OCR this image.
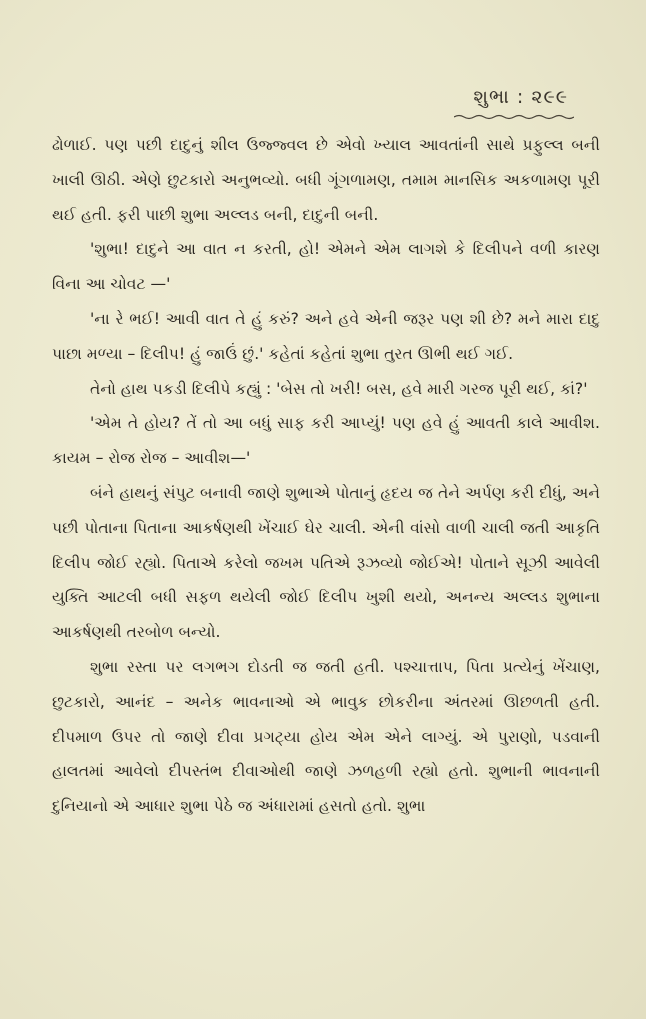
શુભા : ૨૯૯

ઢોળાઈ. પણ પછી દાદુનું શીલ ઉજ્જ્વલ છે એવો ખ્યાલ આવતાંની સાથે પ્રફુલ્લ બની ખાલી ઊઠી. એણે છુટકારો અનુભવ્યો. બધી ગૂંગળામણ, તમામ માનસિક અકળામણ પૂરી થઈ હતી. ફરી પાછી શુભા અલ્લડ બની, દાદુની બની.

'શુભા! દાદુને આ વાત ન કરતી, હો! એમને એમ લાગશે કે દિલીપને વળી કારણ વિના આ ચોવટ —'

'ના રે ભઈ! આવી વાત તે હું કરું? અને હવે એની જરૂર પણ શી છે? મને મારા દાદુ પાછા મળ્યા – દિલીપ! હું જાઉં છું.' કહેતાં કહેતાં શુભા તુરત ઊભી થઈ ગઈ.

તેનો હાથ પકડી દિલીપે કહ્યું : 'બેસ તો ખરી! બસ, હવે મારી ગરજ પૂરી થઈ, કાં?'

'એમ તે હોય? તેં તો આ બધું સાફ કરી આપ્યું! પણ હવે હું આવતી કાલે આવીશ. કાયમ – રોજ રોજ – આવીશ—'

બંને હાથનું સંપુટ બનાવી જાણે શુભાએ પોતાનું હૃદય જ તેને અર્પણ કરી દીધું, અને પછી પોતાના પિતાના આકર્ષણથી ખેંચાઈ ઘેર ચાલી. એની વાંસો વાળી ચાલી જતી આકૃતિ દિલીપ જોઈ રહ્યો. પિતાએ કરેલો જખમ પતિએ રૂઝવ્યો જોઈએ! પોતાને સૂઝી આવેલી યુક્તિ આટલી બધી સફળ થયેલી જોઈ દિલીપ ખુશી થયો, અનન્ય અલ્લડ શુભાના આકર્ષણથી તરબોળ બન્યો.

શુભા રસ્તા પર લગભગ દોડતી જ જતી હતી. પશ્ચાત્તાપ, પિતા પ્રત્યેનું ખેંચાણ, છુટકારો, આનંદ – અનેક ભાવનાઓ એ ભાવુક છોકરીના અંતરમાં ઊછળતી હતી. દીપમાળ ઉપર તો જાણે દીવા પ્રગટ્યા હોય એમ એને લાગ્યું. એ પુરાણો, પડવાની હાલતમાં આવેલો દીપસ્તંભ દીવાઓથી જાણે ઝળહળી રહ્યો હતો. શુભાની ભાવનાની દુનિયાનો એ આધાર શુભા પેઠે જ અંધારામાં હસતો હતો. શુભા
